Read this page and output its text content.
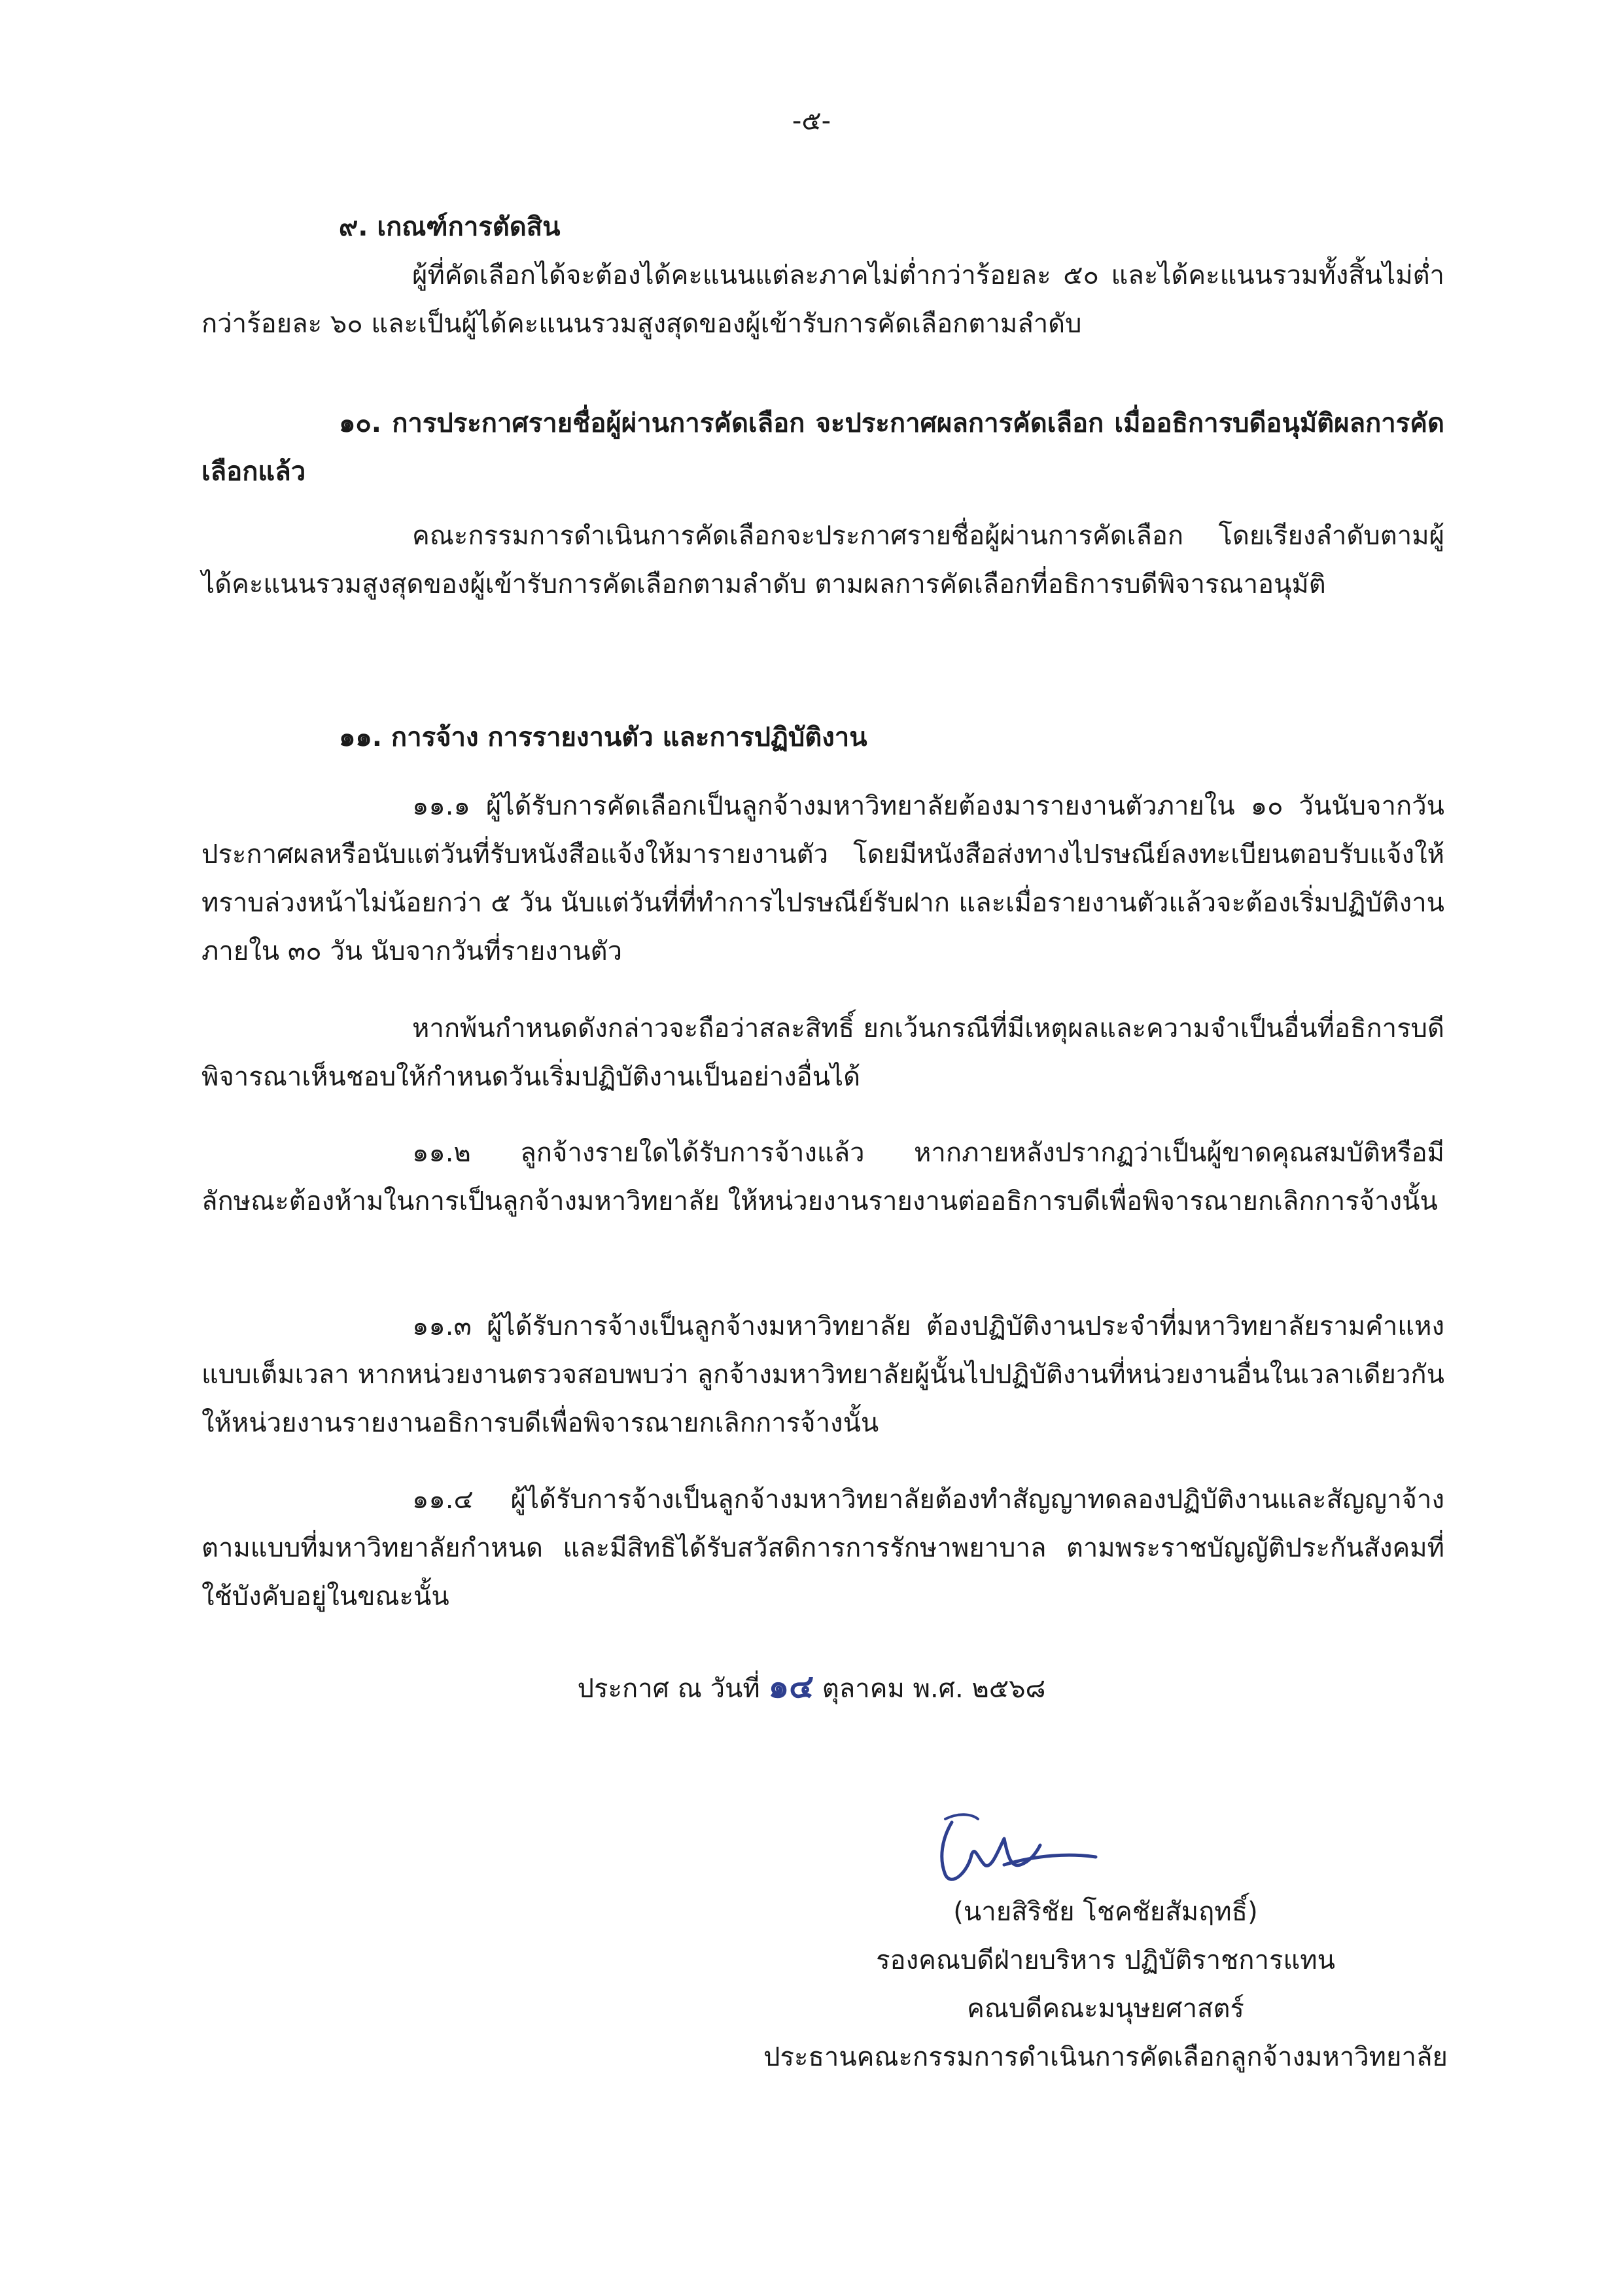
-๕-

๙. เกณฑ์การตัดสิน

ผู้ที่คัดเลือกได้จะต้องได้คะแนนแต่ละภาคไม่ต่ำกว่าร้อยละ ๕๐ และได้คะแนนรวมทั้งสิ้นไม่ต่ำกว่าร้อยละ ๖๐ และเป็นผู้ได้คะแนนรวมสูงสุดของผู้เข้ารับการคัดเลือกตามลำดับ

๑๐. การประกาศรายชื่อผู้ผ่านการคัดเลือก จะประกาศผลการคัดเลือก เมื่ออธิการบดีอนุมัติผลการคัดเลือกแล้ว

คณะกรรมการดำเนินการคัดเลือกจะประกาศรายชื่อผู้ผ่านการคัดเลือก โดยเรียงลำดับตามผู้ได้คะแนนรวมสูงสุดของผู้เข้ารับการคัดเลือกตามลำดับ ตามผลการคัดเลือกที่อธิการบดีพิจารณาอนุมัติ

๑๑. การจ้าง การรายงานตัว และการปฏิบัติงาน

๑๑.๑ ผู้ได้รับการคัดเลือกเป็นลูกจ้างมหาวิทยาลัยต้องมารายงานตัวภายใน ๑๐ วันนับจากวันประกาศผลหรือนับแต่วันที่รับหนังสือแจ้งให้มารายงานตัว โดยมีหนังสือส่งทางไปรษณีย์ลงทะเบียนตอบรับแจ้งให้ทราบล่วงหน้าไม่น้อยกว่า ๕ วัน นับแต่วันที่ที่ทำการไปรษณีย์รับฝาก และเมื่อรายงานตัวแล้วจะต้องเริ่มปฏิบัติงานภายใน ๓๐ วัน นับจากวันที่รายงานตัว

หากพ้นกำหนดดังกล่าวจะถือว่าสละสิทธิ์ ยกเว้นกรณีที่มีเหตุผลและความจำเป็นอื่นที่อธิการบดีพิจารณาเห็นชอบให้กำหนดวันเริ่มปฏิบัติงานเป็นอย่างอื่นได้

๑๑.๒ ลูกจ้างรายใดได้รับการจ้างแล้ว หากภายหลังปรากฏว่าเป็นผู้ขาดคุณสมบัติหรือมีลักษณะต้องห้ามในการเป็นลูกจ้างมหาวิทยาลัย ให้หน่วยงานรายงานต่ออธิการบดีเพื่อพิจารณายกเลิกการจ้างนั้น

๑๑.๓ ผู้ได้รับการจ้างเป็นลูกจ้างมหาวิทยาลัย ต้องปฏิบัติงานประจำที่มหาวิทยาลัยรามคำแหงแบบเต็มเวลา หากหน่วยงานตรวจสอบพบว่า ลูกจ้างมหาวิทยาลัยผู้นั้นไปปฏิบัติงานที่หน่วยงานอื่นในเวลาเดียวกัน ให้หน่วยงานรายงานอธิการบดีเพื่อพิจารณายกเลิกการจ้างนั้น

๑๑.๔ ผู้ได้รับการจ้างเป็นลูกจ้างมหาวิทยาลัยต้องทำสัญญาทดลองปฏิบัติงานและสัญญาจ้างตามแบบที่มหาวิทยาลัยกำหนด และมีสิทธิได้รับสวัสดิการการรักษาพยาบาล ตามพระราชบัญญัติประกันสังคมที่ใช้บังคับอยู่ในขณะนั้น

ประกาศ ณ วันที่ ๑๔ ตุลาคม พ.ศ. ๒๕๖๘
(นายสิริชัย โชคชัยสัมฤทธิ์)
รองคณบดีฝ่ายบริหาร ปฏิบัติราชการแทน
คณบดีคณะมนุษยศาสตร์
ประธานคณะกรรมการดำเนินการคัดเลือกลูกจ้างมหาวิทยาลัย
